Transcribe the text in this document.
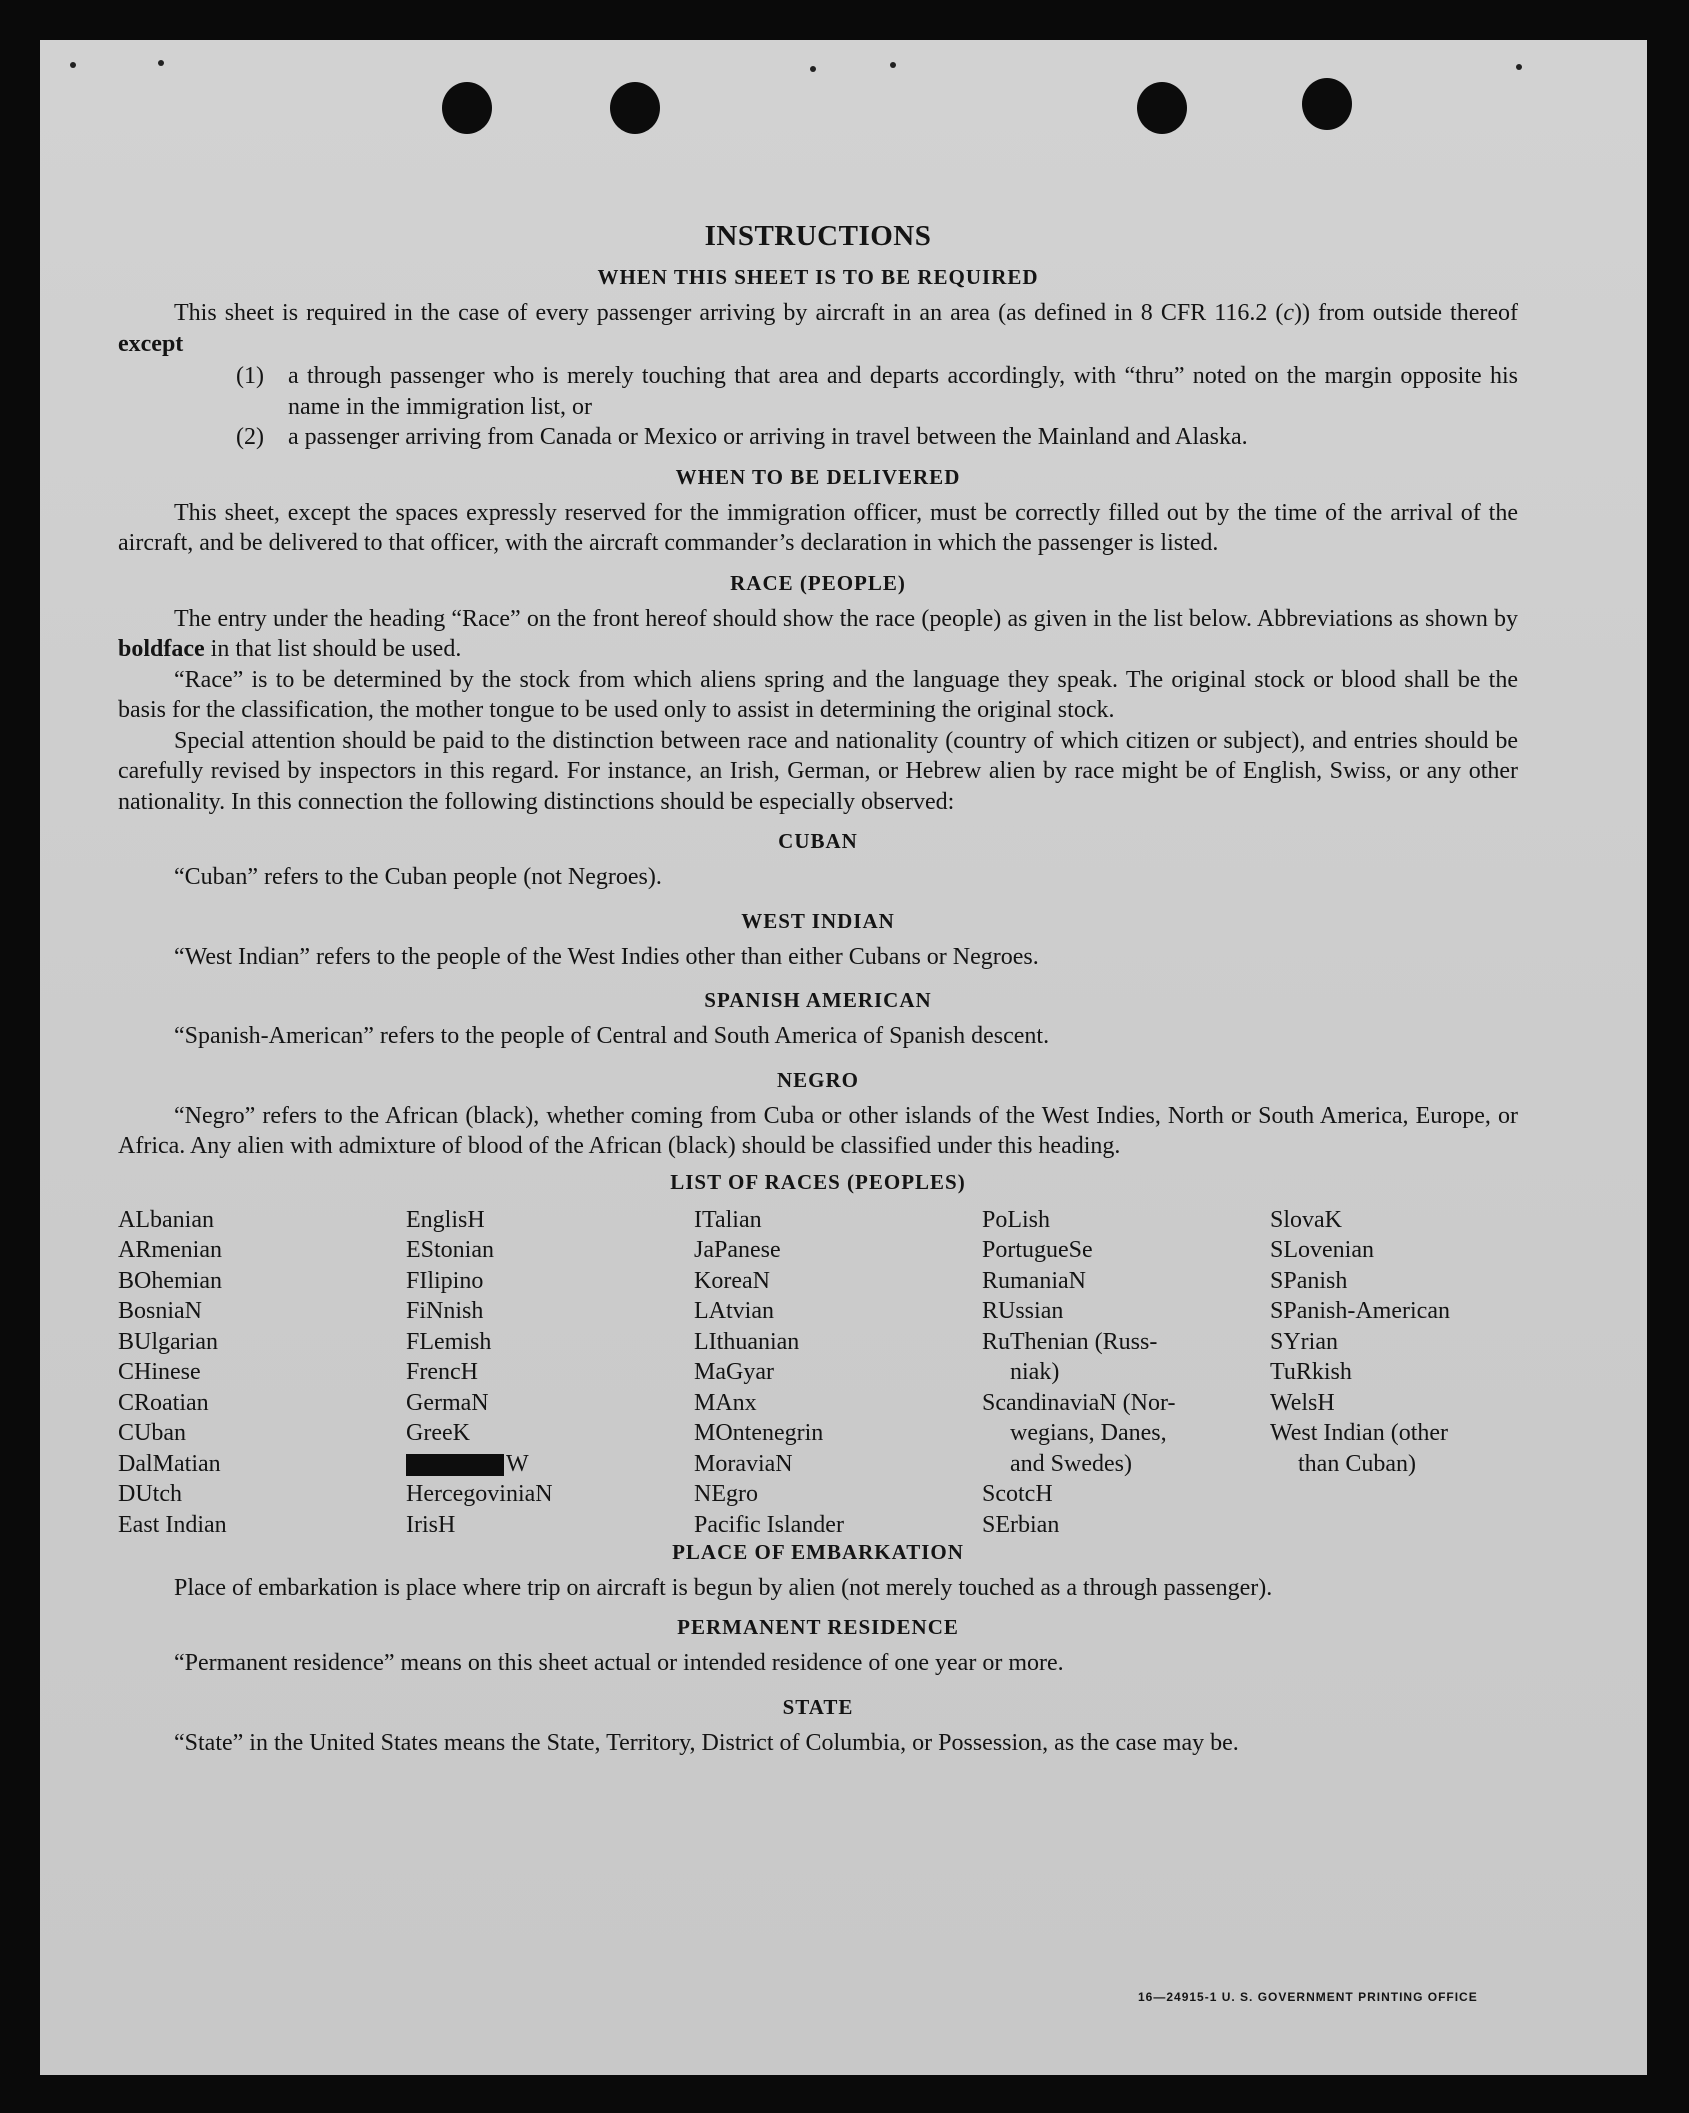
INSTRUCTIONS
WHEN THIS SHEET IS TO BE REQUIRED

This sheet is required in the case of every passenger arriving by aircraft in an area (as defined in 8 CFR 116.2 (c)) from outside thereof except

(1)	a through passenger who is merely touching that area and departs accordingly, with “thru” noted on the margin opposite his name in the immigration list, or
(2)	a passenger arriving from Canada or Mexico or arriving in travel between the Mainland and Alaska.
WHEN TO BE DELIVERED

This sheet, except the spaces expressly reserved for the immigration officer, must be correctly filled out by the time of the arrival of the aircraft, and be delivered to that officer, with the aircraft commander’s declaration in which the passenger is listed.

RACE (PEOPLE)

The entry under the heading “Race” on the front hereof should show the race (people) as given in the list below. Abbreviations as shown by boldface in that list should be used.

“Race” is to be determined by the stock from which aliens spring and the language they speak. The original stock or blood shall be the basis for the classification, the mother tongue to be used only to assist in determining the original stock.

Special attention should be paid to the distinction between race and nationality (country of which citizen or subject), and entries should be carefully revised by inspectors in this regard. For instance, an Irish, German, or Hebrew alien by race might be of English, Swiss, or any other nationality. In this connection the following distinctions should be especially observed:

CUBAN

“Cuban” refers to the Cuban people (not Negroes).

WEST INDIAN

“West Indian” refers to the people of the West Indies other than either Cubans or Negroes.

SPANISH AMERICAN

“Spanish-American” refers to the people of Central and South America of Spanish descent.

NEGRO

“Negro” refers to the African (black), whether coming from Cuba or other islands of the West Indies, North or South America, Europe, or Africa. Any alien with admixture of blood of the African (black) should be classified under this heading.

LIST OF RACES (PEOPLES)
ALbanian
ARmenian
BOhemian
BosniaN
BUlgarian
CHinese
CRoatian
CUban
DalMatian
DUtch
East Indian
EnglisH
EStonian
FIlipino
FiNnish
FLemish
FrencH
GermaN
GreeK
W
HercegoviniaN
IrisH
ITalian
JaPanese
KoreaN
LAtvian
LIthuanian
MaGyar
MAnx
MOntenegrin
MoraviaN
NEgro
Pacific Islander
PoLish
PortugueSe
RumaniaN
RUssian
RuThenian (Russ-
niak)
ScandinaviaN (Nor-
wegians, Danes,
and Swedes)
ScotcH
SErbian
SlovaK
SLovenian
SPanish
SPanish-American
SYrian
TuRkish
WelsH
West Indian (other
than Cuban)
PLACE OF EMBARKATION

Place of embarkation is place where trip on aircraft is begun by alien (not merely touched as a through passenger).

PERMANENT RESIDENCE

“Permanent residence” means on this sheet actual or intended residence of one year or more.

STATE

“State” in the United States means the State, Territory, District of Columbia, or Possession, as the case may be.

16—24915-1 U. S. GOVERNMENT PRINTING OFFICE
